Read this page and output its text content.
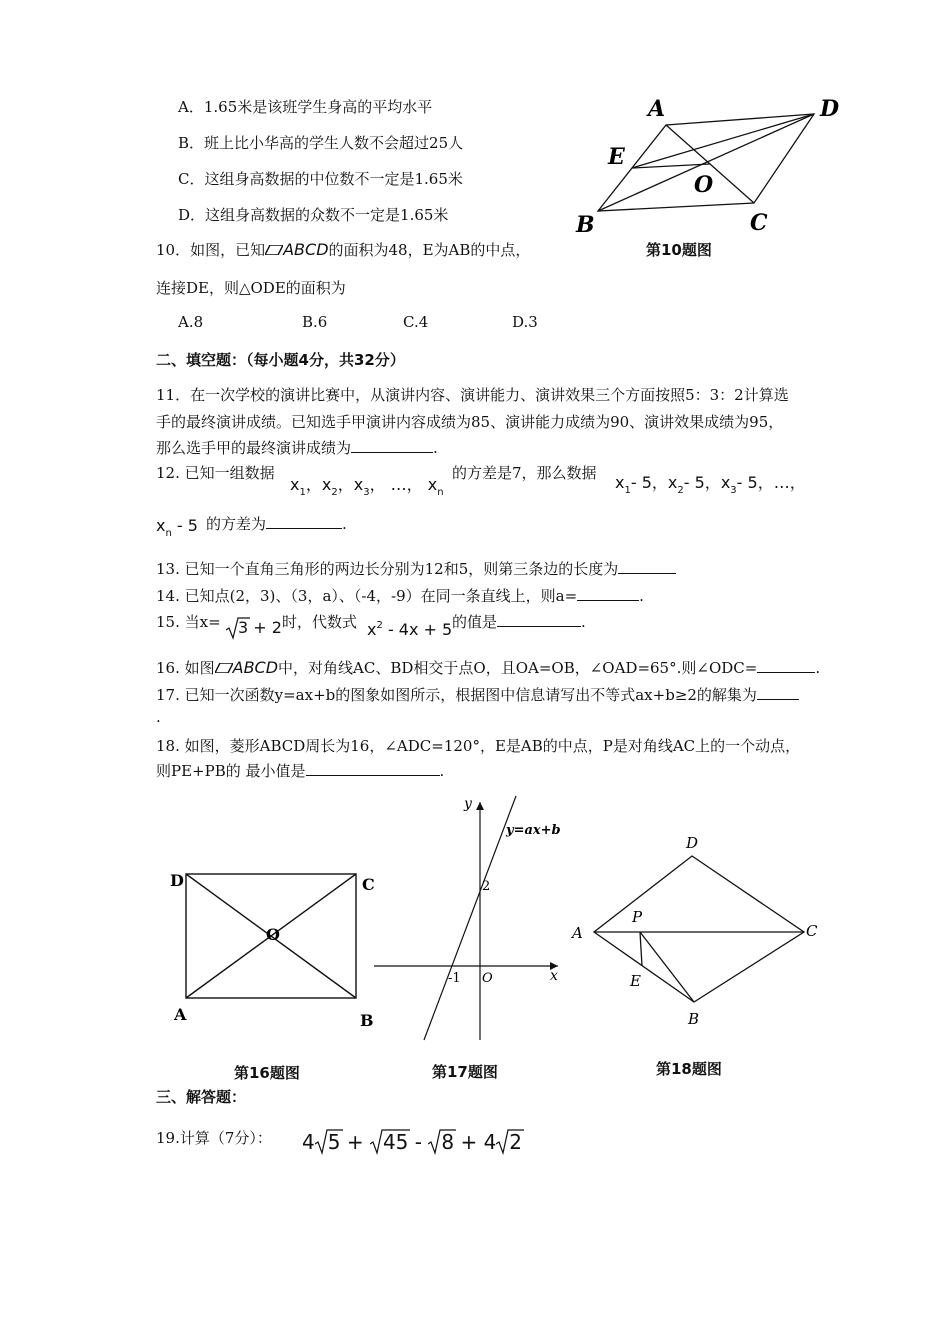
A．1.65米是该班学生身高的平均水平
B．班上比小华高的学生人数不会超过25人
C．这组身高数据的中位数不一定是1.65米
D．这组身高数据的众数不一定是1.65米
10．如图，已知 ABCD的面积为48，E为AB的中点，
连接DE，则△ODE的面积为
A.8	B.6	C.4	D.3
A	D
E
O
B	C
第10题图
二、填空题：（每小题4分，共32分）
11．在一次学校的演讲比赛中，从演讲内容、演讲能力、演讲效果三个方面按照5：3：2计算选
手的最终演讲成绩。已知选手甲演讲内容成绩为85、演讲能力成绩为90、演讲效果成绩为95，
那么选手甲的最终演讲成绩为	.
12. 已知一组数据
$x_1$，$x_2$，$x_3$， …， $x_n$
的方差是7，那么数据 $x_1-$ 5，$x_2-$ 5，$x_3-$ 5，…，
$x_n - 5$ 的方差为	.
13. 已知一个直角三角形的两边长分别为12和5，则第三条边的长度为
14. 已知点(2，3)、（3，a）、（-4，-9）在同一条直线上，则a=	.
15. 当x=	3 + 2 时，代数式 $x^2 - 4x + 5$ 的值是	.
16. 如图 ABCD中，对角线AC、BD相交于点O，且OA=OB，∠OAD=65°.则∠ODC=	.
17. 已知一次函数y=ax+b的图象如图所示，根据图中信息请写出不等式ax+b≥2的解集为
.
18. 如图，菱形ABCD周长为16，∠ADC=120°，E是AB的中点，P是对角线AC上的一个动点，
则PE+PB的 最小值是	.
D	C
O
A	B
第16题图
y
x
O
y=ax+b
2
-1
第17题图
D
A
P
C
E
B
第18题图
三、解答题：
19.计算（7分）： 4 5 + 45 - 8 + 4 2
